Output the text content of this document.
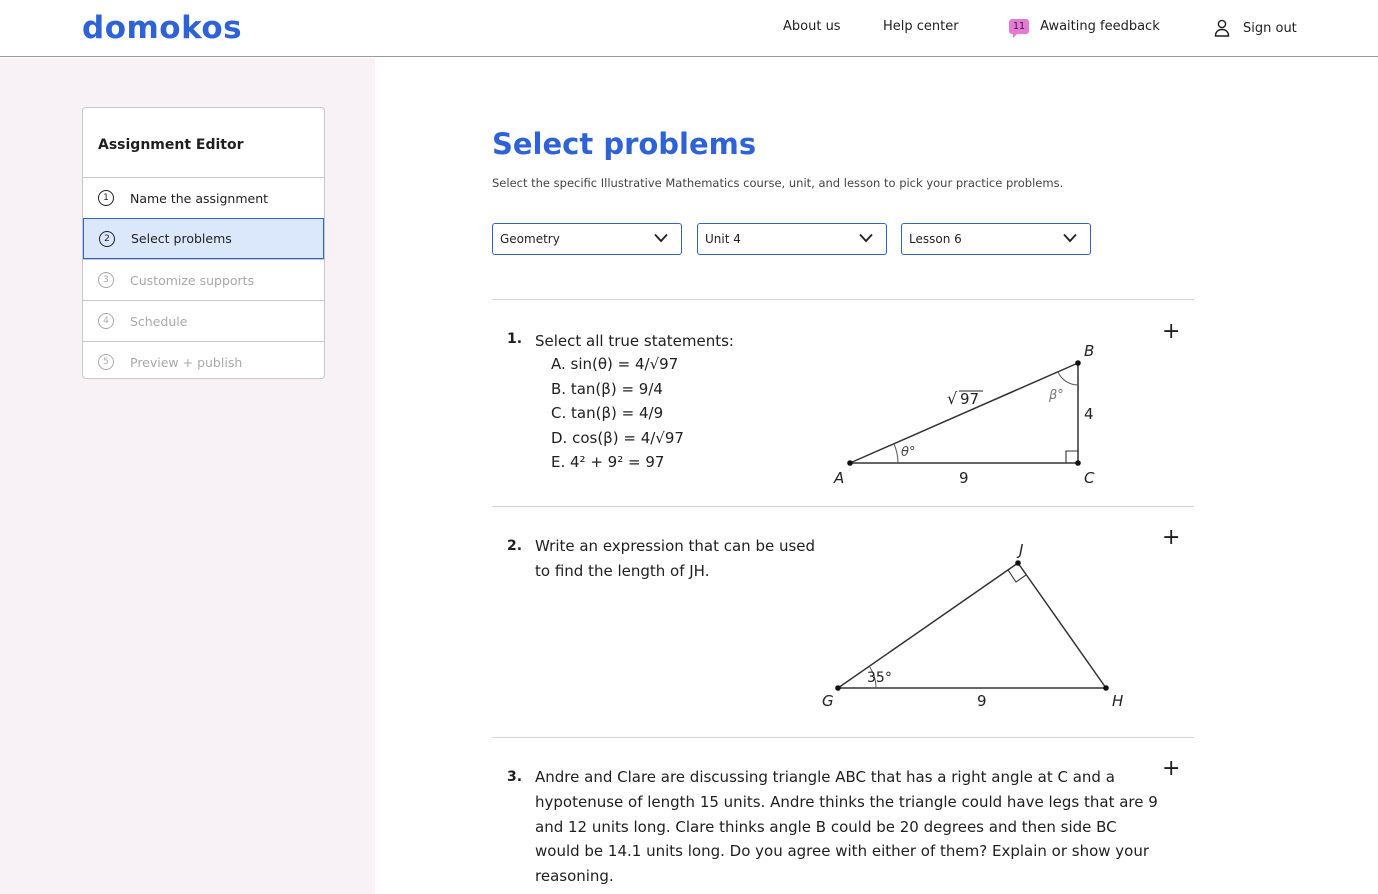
domokos	About us	Help center	11	Awaiting feedback	Sign out
Assignment Editor
1	Name the assignment
2	Select problems
3	Customize supports
4	Schedule
5	Preview + publish
Select problems
Select the specific Illustrative Mathematics course, unit, and lesson to pick your practice problems.
Geometry	Unit 4	Lesson 6
1. Select all true statements:
A. sin(θ) = 4/√97
B. tan(β) = 9/4
C. tan(β) = 4/9
D. cos(β) = 4/√97
E. 4² + 9² = 97
+
A
B
C
4
9
√ 97
θ°
β°
2. Write an expression that can be used
to find the length of JH.
+
G	H
J
9
35°
3. Andre and Clare are discussing triangle ABC that has a right angle at C and a
hypotenuse of length 15 units. Andre thinks the triangle could have legs that are 9
and 12 units long. Clare thinks angle B could be 20 degrees and then side BC
would be 14.1 units long. Do you agree with either of them? Explain or show your
reasoning.
+
